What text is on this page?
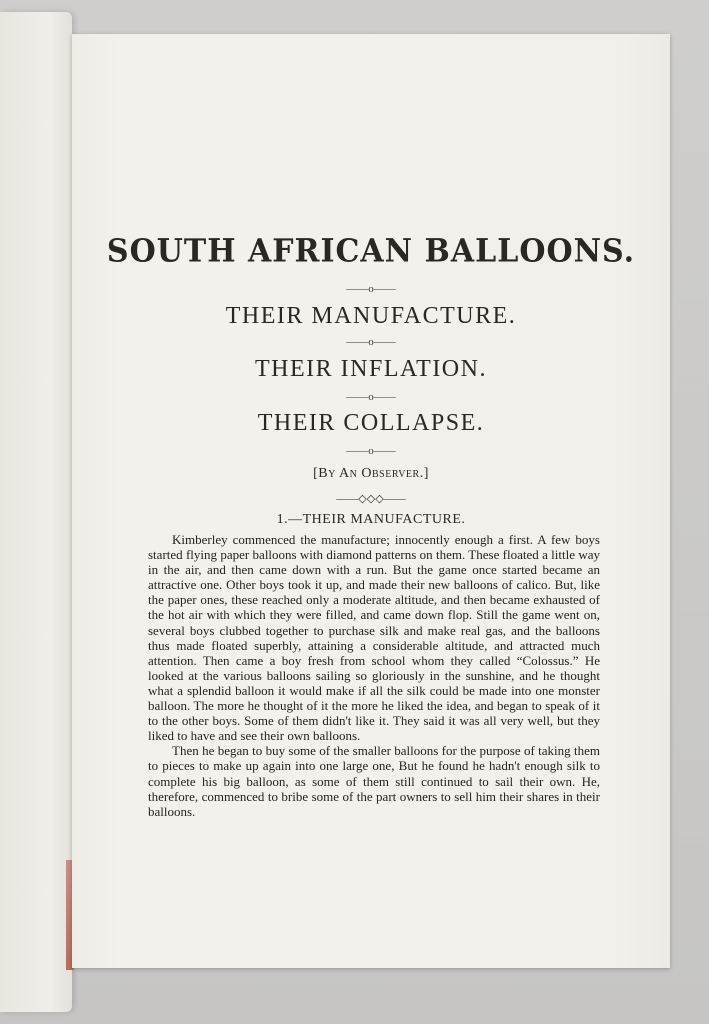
SOUTH AFRICAN BALLOONS.
——o——
THEIR MANUFACTURE.
——o——
THEIR INFLATION.
——o——
THEIR COLLAPSE.
——o——
[By An Observer.]
——◇◇◇——
1.—THEIR MANUFACTURE.

Kimberley commenced the manufacture; innocently enough a first. A few boys started flying paper balloons with diamond patterns on them. These floated a little way in the air, and then came down with a run. But the game once started became an attractive one. Other boys took it up, and made their new balloons of calico. But, like the paper ones, these reached only a moderate altitude, and then became exhausted of the hot air with which they were filled, and came down flop. Still the game went on, several boys clubbed together to purchase silk and make real gas, and the balloons thus made floated superbly, attaining a considerable altitude, and attracted much attention. Then came a boy fresh from school whom they called “Colossus.” He looked at the various balloons sailing so gloriously in the sunshine, and he thought what a splendid balloon it would make if all the silk could be made into one monster balloon. The more he thought of it the more he liked the idea, and began to speak of it to the other boys. Some of them didn't like it. They said it was all very well, but they liked to have and see their own balloons.

Then he began to buy some of the smaller balloons for the purpose of taking them to pieces to make up again into one large one, But he found he hadn't enough silk to complete his big balloon, as some of them still continued to sail their own. He, therefore, commenced to bribe some of the part owners to sell him their shares in their balloons.
